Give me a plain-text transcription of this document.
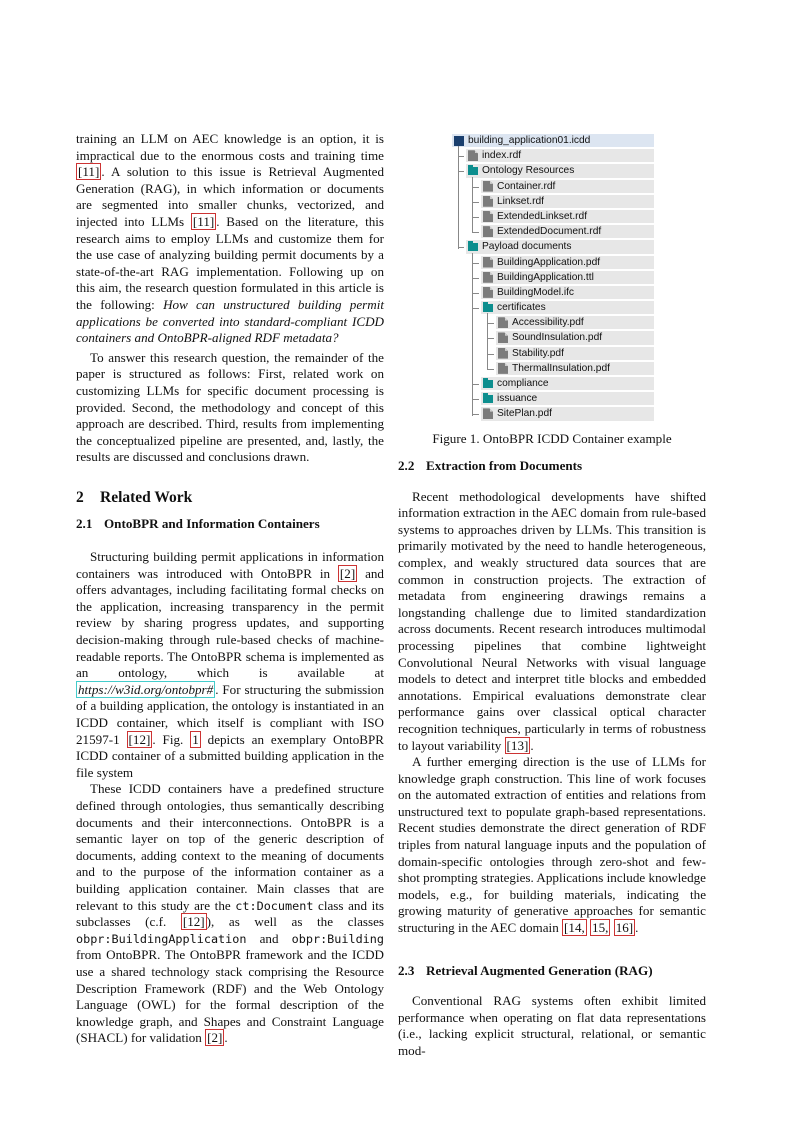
training an LLM on AEC knowledge is an option, it is impractical due to the enormous costs and training time [11] . A solution to this issue is Retrieval Augmented Generation (RAG), in which information or documents are segmented into smaller chunks, vectorized, and injected into LLMs [11] . Based on the literature, this research aims to employ LLMs and customize them for the use case of analyzing building permit documents by a state-of-the-art RAG implementation. Following up on this aim, the research question formulated in this article is the following: How can unstructured building permit applications be converted into standard-compliant ICDD containers and OntoBPR-aligned RDF metadata?

To answer this research question, the remainder of the paper is structured as follows: First, related work on customizing LLMs for specific document processing is provided. Second, the methodology and concept of this approach are described. Third, results from implementing the conceptualized pipeline are presented, and, lastly, the results are discussed and conclusions drawn.

2 Related Work
2.1 OntoBPR and Information Containers

Structuring building permit applications in information containers was introduced with OntoBPR in [2] and offers advantages, including facilitating formal checks on the application, increasing transparency in the permit review by sharing progress updates, and supporting decision-making through rule-based checks of machine-readable reports. The OntoBPR schema is implemented as an ontology, which is available at https://w3id.org/ontobpr# . For structuring the submission of a building application, the ontology is instantiated in an ICDD container, which itself is compliant with ISO 21597-1 [12] . Fig. 1 depicts an exemplary OntoBPR ICDD container of a submitted building application in the file system

These ICDD containers have a predefined structure defined through ontologies, thus semantically describing documents and their interconnections. OntoBPR is a semantic layer on top of the generic description of documents, adding context to the meaning of documents and to the purpose of the information container as a building application container. Main classes that are relevant to this study are the ct:Document class and its subclasses (c.f. [12] ), as well as the classes obpr:BuildingApplication and obpr:Building from OntoBPR. The OntoBPR framework and the ICDD use a shared technology stack comprising the Resource Description Framework (RDF) and the Web Ontology Language (OWL) for the formal description of the knowledge graph, and Shapes and Constraint Language (SHACL) for validation [2] .

building_application01.icdd
index.rdf
Ontology Resources
Container.rdf
Linkset.rdf
ExtendedLinkset.rdf
ExtendedDocument.rdf
Payload documents
BuildingApplication.pdf
BuildingApplication.ttl
BuildingModel.ifc
certificates
Accessibility.pdf
SoundInsulation.pdf
Stability.pdf
ThermalInsulation.pdf
compliance
issuance
SitePlan.pdf
Figure 1. OntoBPR ICDD Container example
2.2 Extraction from Documents

Recent methodological developments have shifted information extraction in the AEC domain from rule-based systems to approaches driven by LLMs. This transition is primarily motivated by the need to handle heterogeneous, complex, and weakly structured data sources that are common in construction projects. The extraction of metadata from engineering drawings remains a longstanding challenge due to limited standardization across documents. Recent research introduces multimodal processing pipelines that combine lightweight Convolutional Neural Networks with visual language models to detect and interpret title blocks and embedded annotations. Empirical evaluations demonstrate clear performance gains over classical optical character recognition techniques, particularly in terms of robustness to layout variability [13] .

A further emerging direction is the use of LLMs for knowledge graph construction. This line of work focuses on the automated extraction of entities and relations from unstructured text to populate graph-based representations. Recent studies demonstrate the direct generation of RDF triples from natural language inputs and the population of domain-specific ontologies through zero-shot and few-shot prompting strategies. Applications include knowledge models, e.g., for building materials, indicating the growing maturity of generative approaches for semantic structuring in the AEC domain [14, 15, 16] .

2.3 Retrieval Augmented Generation (RAG)

Conventional RAG systems often exhibit limited performance when operating on flat data representations (i.e., lacking explicit structural, relational, or semantic mod-
